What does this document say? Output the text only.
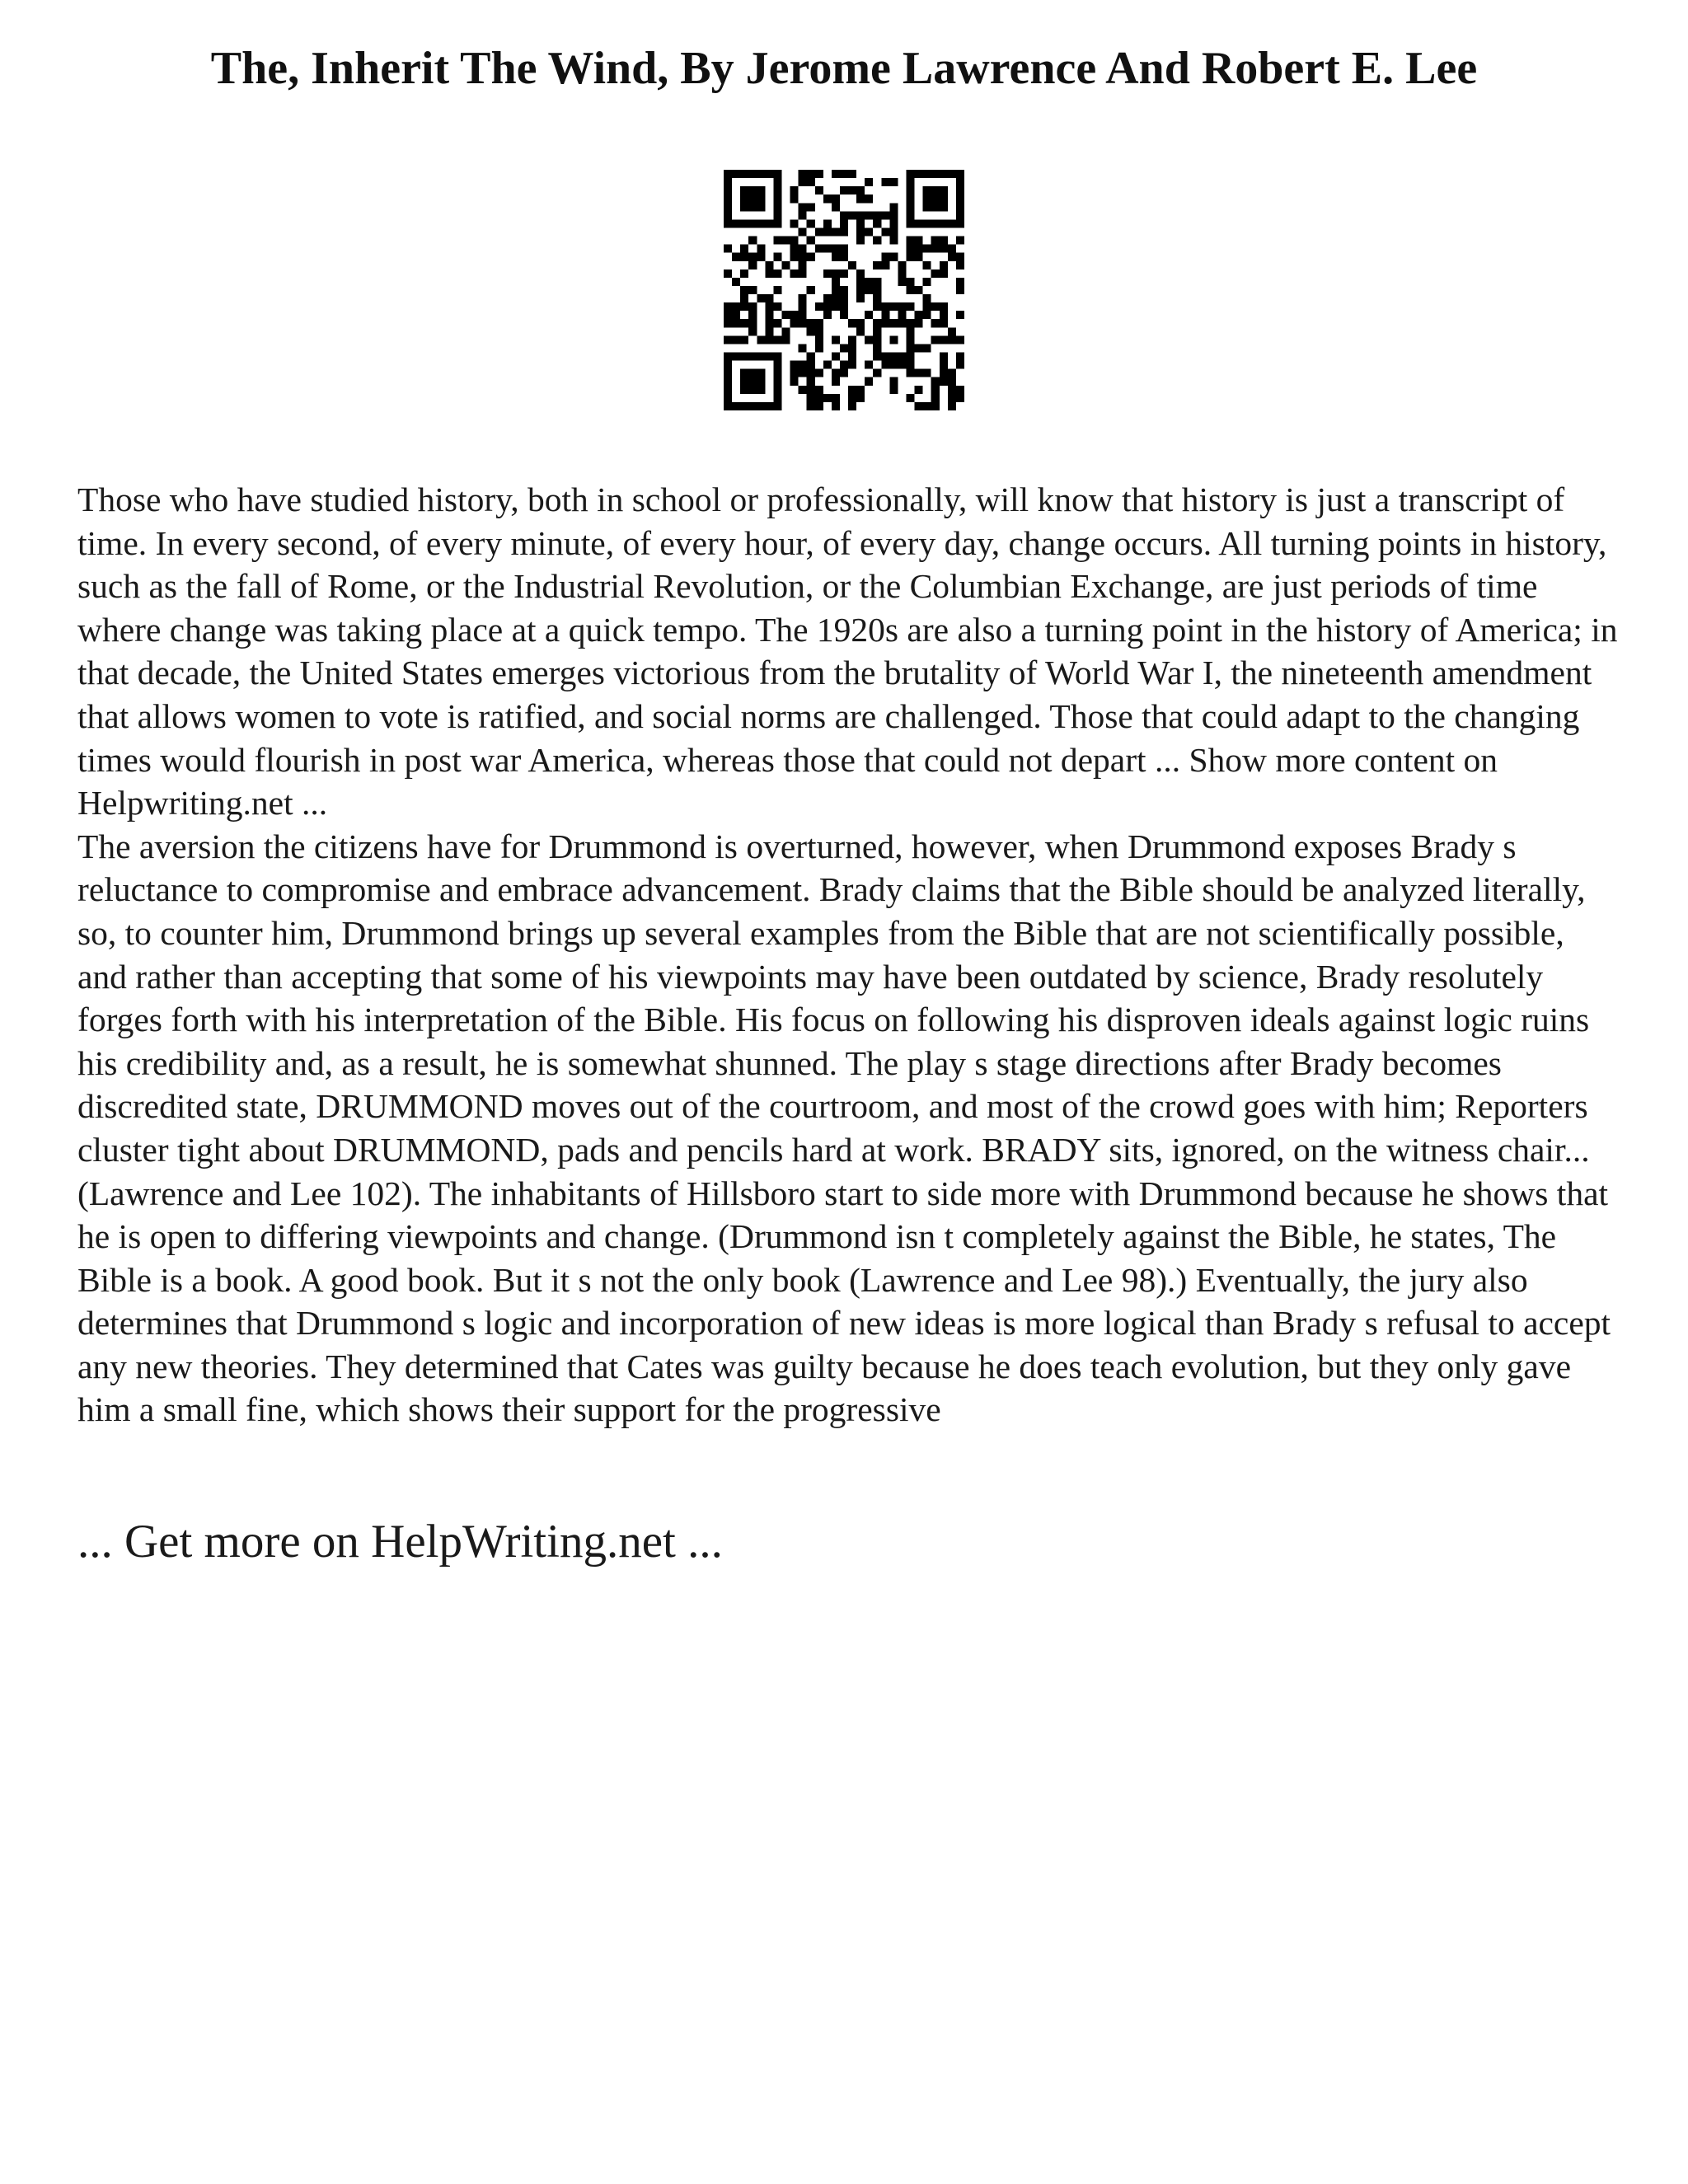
The, Inherit The Wind, By Jerome Lawrence And Robert E. Lee

Those who have studied history, both in school or professionally, will know that history is just a transcript of time. In every second, of every minute, of every hour, of every day, change occurs. All turning points in history, such as the fall of Rome, or the Industrial Revolution, or the Columbian Exchange, are just periods of time where change was taking place at a quick tempo. The 1920s are also a turning point in the history of America; in that decade, the United States emerges victorious from the brutality of World War I, the nineteenth amendment that allows women to vote is ratified, and social norms are challenged. Those that could adapt to the changing times would flourish in post war America, whereas those that could not depart ... Show more content on Helpwriting.net ...

The aversion the citizens have for Drummond is overturned, however, when Drummond exposes Brady s reluctance to compromise and embrace advancement. Brady claims that the Bible should be analyzed literally, so, to counter him, Drummond brings up several examples from the Bible that are not scientifically possible, and rather than accepting that some of his viewpoints may have been outdated by science, Brady resolutely forges forth with his interpretation of the Bible. His focus on following his disproven ideals against logic ruins his credibility and, as a result, he is somewhat shunned. The play s stage directions after Brady becomes discredited state, DRUMMOND moves out of the courtroom, and most of the crowd goes with him; Reporters cluster tight about DRUMMOND, pads and pencils hard at work. BRADY sits, ignored, on the witness chair... (Lawrence and Lee 102). The inhabitants of Hillsboro start to side more with Drummond because he shows that he is open to differing viewpoints and change. (Drummond isn t completely against the Bible, he states, The Bible is a book. A good book. But it s not the only book (Lawrence and Lee 98).) Eventually, the jury also determines that Drummond s logic and incorporation of new ideas is more logical than Brady s refusal to accept any new theories. They determined that Cates was guilty because he does teach evolution, but they only gave him a small fine, which shows their support for the progressive

... Get more on HelpWriting.net ...
